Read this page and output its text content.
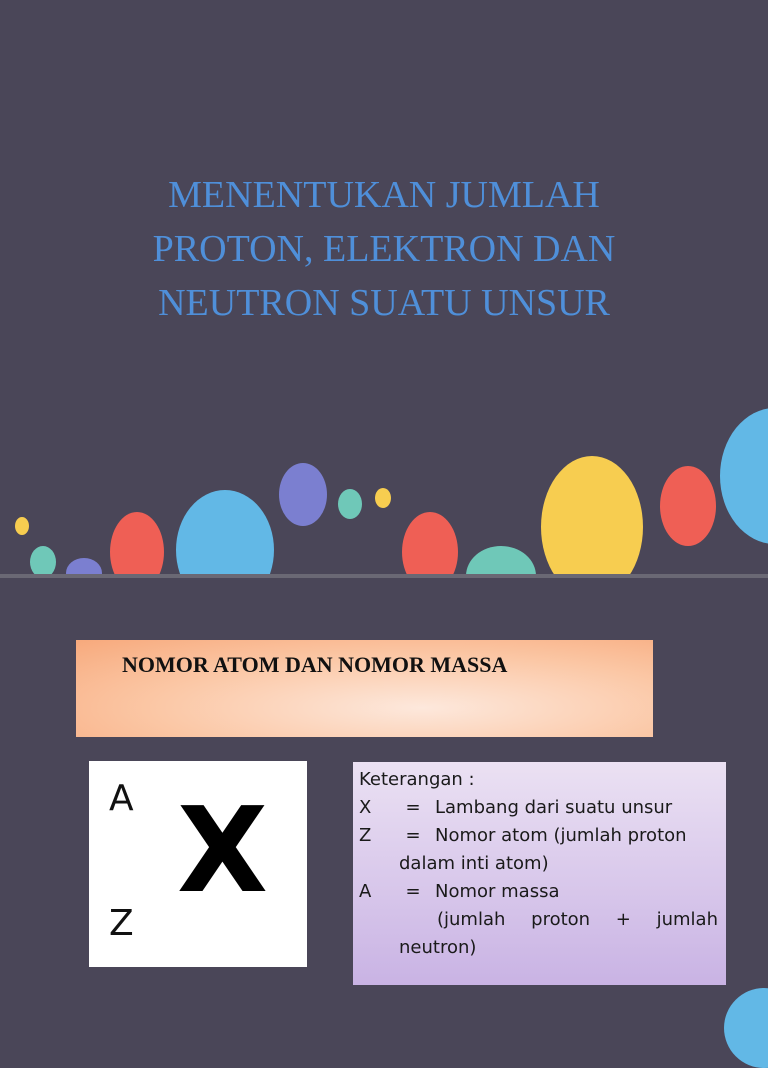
MENENTUKAN JUMLAH
PROTON, ELEKTRON DAN
NEUTRON SUATU UNSUR
NOMOR ATOM DAN NOMOR MASSA
A X
Z
Keterangan :
X	= Lambang dari suatu unsur
Z	= Nomor atom (jumlah proton
dalam inti atom)
A	= Nomor massa
(jumlah proton + jumlah
neutron)
